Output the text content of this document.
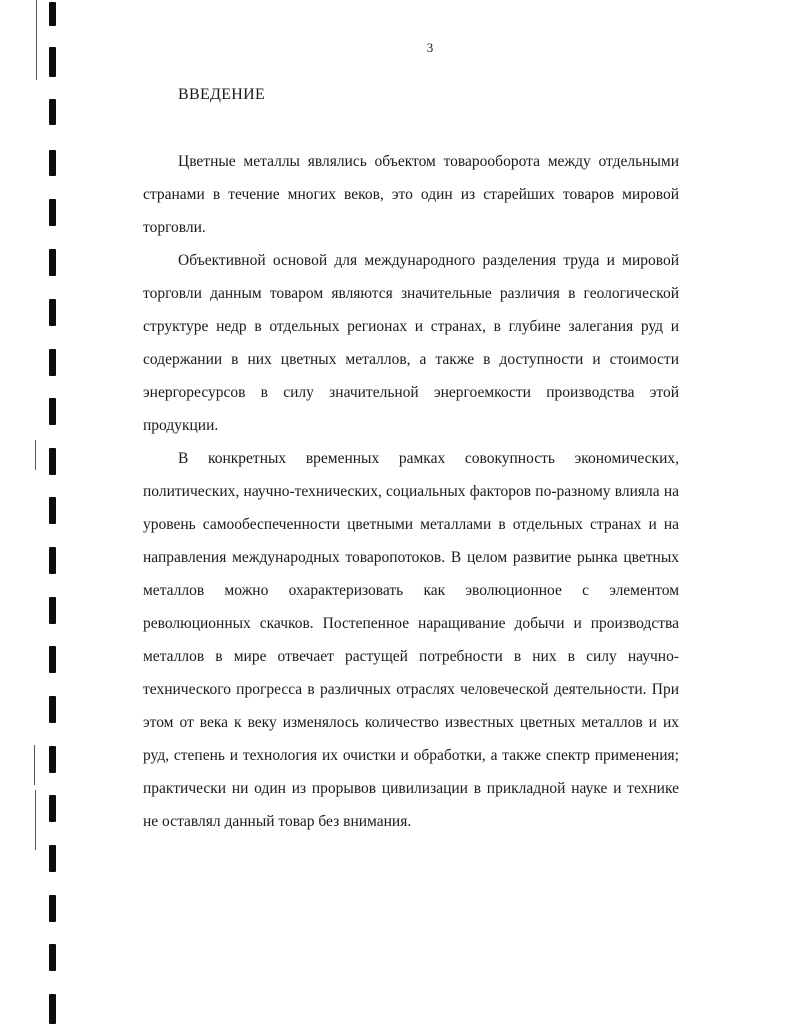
3
ВВЕДЕНИЕ

Цветные металлы являлись объектом товарооборота между отдельными странами в течение многих веков, это один из старейших товаров мировой торговли.

Объективной основой для международного разделения труда и мировой торговли данным товаром являются значительные различия в геологической структуре недр в отдельных регионах и странах, в глубине залегания руд и содержании в них цветных металлов, а также в доступности и стоимости энергоресурсов в силу значительной энергоемкости производства этой продукции.

В конкретных временных рамках совокупность экономических, политических, научно-технических, социальных факторов по-разному влияла на уровень самообеспеченности цветными металлами в отдельных странах и на направления международных товаропотоков. В целом развитие рынка цветных металлов можно охарактеризовать как эволюционное с элементом революционных скачков. Постепенное наращивание добычи и производства металлов в мире отвечает растущей потребности в них в силу научно-технического прогресса в различных отраслях человеческой деятельности. При этом от века к веку изменялось количество известных цветных металлов и их руд, степень и технология их очистки и обработки, а также спектр применения; практически ни один из прорывов цивилизации в прикладной науке и технике не оставлял данный товар без внимания.
